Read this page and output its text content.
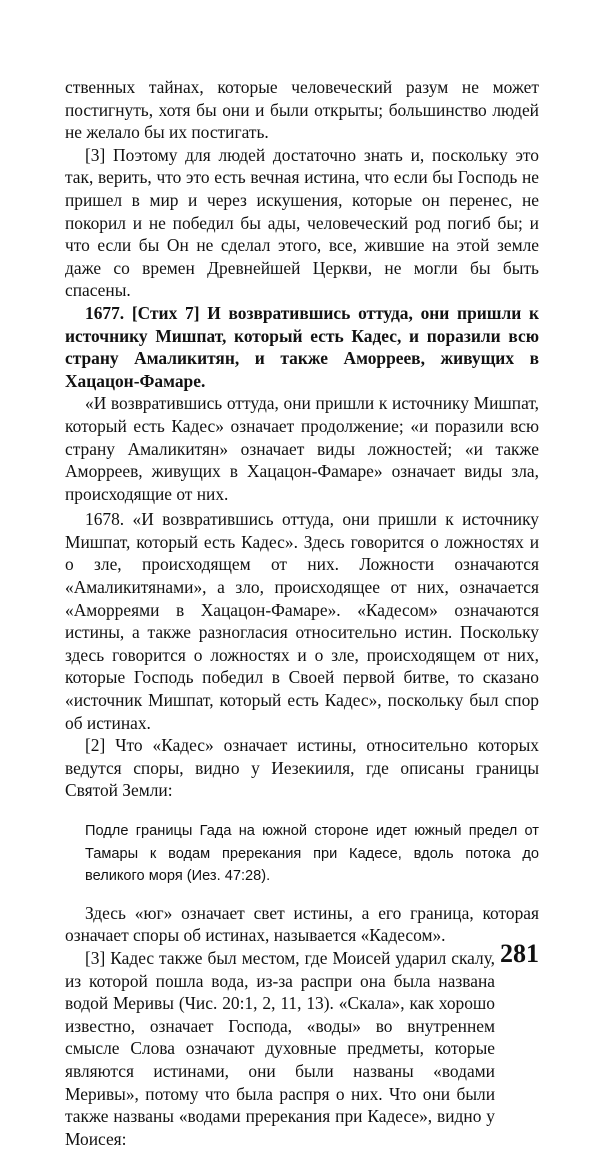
ственных тайнах, которые человеческий разум не может постигнуть, хотя бы они и были открыты; большинство людей не желало бы их постигать.

[3] Поэтому для людей достаточно знать и, поскольку это так, верить, что это есть вечная истина, что если бы Господь не пришел в мир и через искушения, которые он перенес, не покорил и не победил бы ады, человеческий род погиб бы; и что если бы Он не сделал этого, все, жившие на этой земле даже со времен Древнейшей Церкви, не могли бы быть спасены.

1677. [Стих 7] И возвратившись оттуда, они пришли к источнику Мишпат, который есть Кадес, и поразили всю страну Амаликитян, и также Аморреев, живущих в Хацацон-Фамаре.

«И возвратившись оттуда, они пришли к источнику Мишпат, который есть Кадес» означает продолжение; «и поразили всю страну Амаликитян» означает виды ложностей; «и также Аморреев, живущих в Хацацон-Фамаре» означает виды зла, происходящие от них.

1678. «И возвратившись оттуда, они пришли к источнику Мишпат, который есть Кадес». Здесь говорится о ложностях и о зле, происходящем от них. Ложности означаются «Амаликитянами», а зло, происходящее от них, означается «Аморреями в Хацацон-Фамаре». «Кадесом» означаются истины, а также разногласия относительно истин. Поскольку здесь говорится о ложностях и о зле, происходящем от них, которые Господь победил в Своей первой битве, то сказано «источник Мишпат, который есть Кадес», поскольку был спор об истинах.

[2] Что «Кадес» означает истины, относительно которых ведутся споры, видно у Иезекииля, где описаны границы Святой Земли:

Подле границы Гада на южной стороне идет южный предел от Тамары к водам пререкания при Кадесе, вдоль потока до великого моря (Иез. 47:28).

Здесь «юг» означает свет истины, а его граница, которая означает споры об истинах, называется «Кадесом».

[3] Кадес также был местом, где Моисей ударил скалу, из которой пошла вода, из-за распри она была названа водой Меривы (Чис. 20:1, 2, 11, 13). «Скала», как хорошо известно, означает Господа, «воды» во внутреннем смысле Слова означают духовные предметы, которые являются истинами, они были названы «водами Меривы», потому что была распря о них. Что они были также названы «водами пререкания при Кадесе», видно у Моисея:

281
